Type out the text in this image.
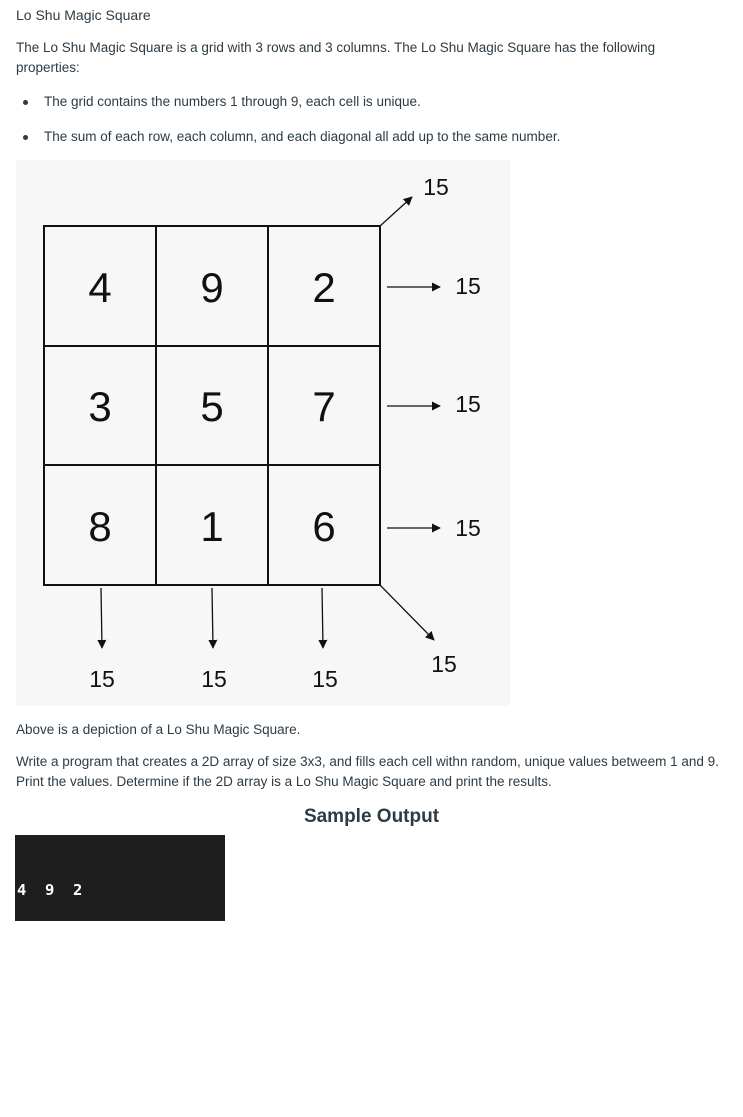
Lo Shu Magic Square
The Lo Shu Magic Square is a grid with 3 rows and 3 columns. The Lo Shu Magic Square has the following properties:
The grid contains the numbers 1 through 9, each cell is unique.
The sum of each row, each column, and each diagonal all add up to the same number.
4 9 2
3 5 7
8 1 6
15
15
15
15
15	15	15
15
Above is a depiction of a Lo Shu Magic Square.
Write a program that creates a 2D array of size 3x3, and fills each cell withn random, unique values betweem 1 and 9. Print the values. Determine if the 2D array is a Lo Shu Magic Square and print the results.
Sample Output

4  9  2

3  5  7

8  1  6

Is a Lo Shu Square!
